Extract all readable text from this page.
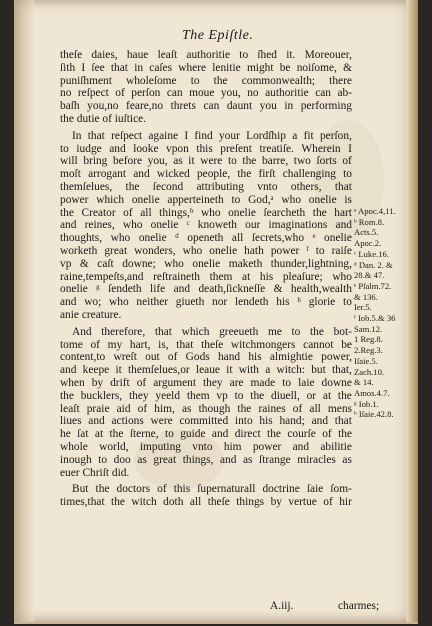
The Epiſtle.
theſe daies, haue leaſt authoritie to ſhed it. Moreouer,
ſith I ſee that in caſes where lenitie might be noiſome, &
puniſhment wholeſome to the commonwealth; there
no reſpect of perſon can moue you, no authoritie can ab-
baſh you,no feare,no threts can daunt you in performing
the dutie of iuſtice.
In that reſpect againe I find your Lordſhip a fit perſon,
to iudge and looke vpon this preſent treatiſe. Wherein I
will bring before you, as it were to the barre, two ſorts of
moſt arrogant and wicked people, the firſt challenging to
themſelues, the ſecond attributing vnto others, that
power which onelie apperteineth to God,ᵃ who onelie is
the Creator of all things,ᵇ who onelie ſearcheth the hart
and reines, who onelie ᶜ knoweth our imaginations and
thoughts, who onelie ᵈ openeth all ſecrets,who ᵉ onelie
worketh great wonders, who onelie hath power ᶠ to raiſe
vp & caſt downe; who onelie maketh thunder,lightning,
raine,tempeſts,and reſtraineth them at his pleaſure; who
onelie ᵍ ſendeth life and death,ſickneſſe & health,wealth
and wo; who neither giueth nor lendeth his ʰ glorie to
anie creature.
And therefore, that which greeueth me to the bot-
tome of my hart, is, that theſe witchmongers cannot be
content,to wreſt out of Gods hand his almightie power,
and keepe it themſelues,or leaue it with a witch: but that,
when by drift of argument they are made to laie downe
the bucklers, they yeeld them vp to the diuell, or at the
leaſt praie aid of him, as though the raines of all mens
liues and actions were committed into his hand; and that
he ſat at the ſterne, to guide and direct the courſe of the
whole world, imputing vnto him power and abilitie
inough to doo as great things, and as ſtrange miracles as
euer Chriſt did.
But the doctors of this ſupernaturall doctrine ſaie ſom-
times,that the witch doth all theſe things by vertue of hir
ᵃ Apoc.4,11.
ᵇ Rom.8.
Acts.5.
Apoc.2.
ᶜ Luke.16.
ᵈ Dan. 2. &
28.& 47.
ᵉ Pſalm.72.
& 136.
Ier.5.
ᶠ Iob.5.& 36
Sam.12.
1 Reg.8.
2.Reg.3.
Iſaie.5.
Zach.10.
& 14.
Amos.4.7.
ᵍ Iob.1.
ʰ Iſaie.42.8.
A.iij.	charmes;
